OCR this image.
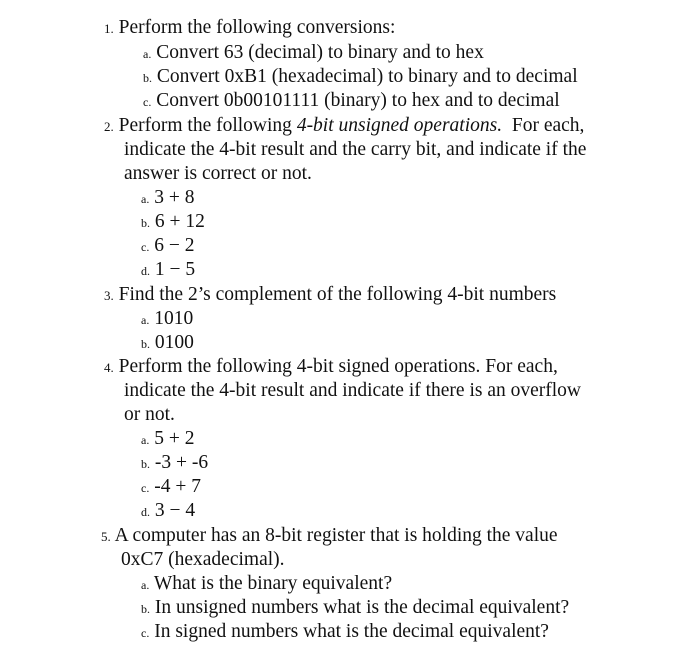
1. Perform the following conversions:
a. Convert 63 (decimal) to binary and to hex
b. Convert 0xB1 (hexadecimal) to binary and to decimal
c. Convert 0b00101111 (binary) to hex and to decimal
2. Perform the following 4-bit unsigned operations.  For each,
indicate the 4-bit result and the carry bit, and indicate if the
answer is correct or not.
a. 3 + 8
b. 6 + 12
c. 6 − 2
d. 1 − 5
3. Find the 2’s complement of the following 4-bit numbers
a. 1010
b. 0100
4. Perform the following 4-bit signed operations. For each,
indicate the 4-bit result and indicate if there is an overflow
or not.
a. 5 + 2
b. -3 + -6
c. -4 + 7
d. 3 − 4
5. A computer has an 8-bit register that is holding the value
0xC7 (hexadecimal).
a. What is the binary equivalent?
b. In unsigned numbers what is the decimal equivalent?
c. In signed numbers what is the decimal equivalent?
